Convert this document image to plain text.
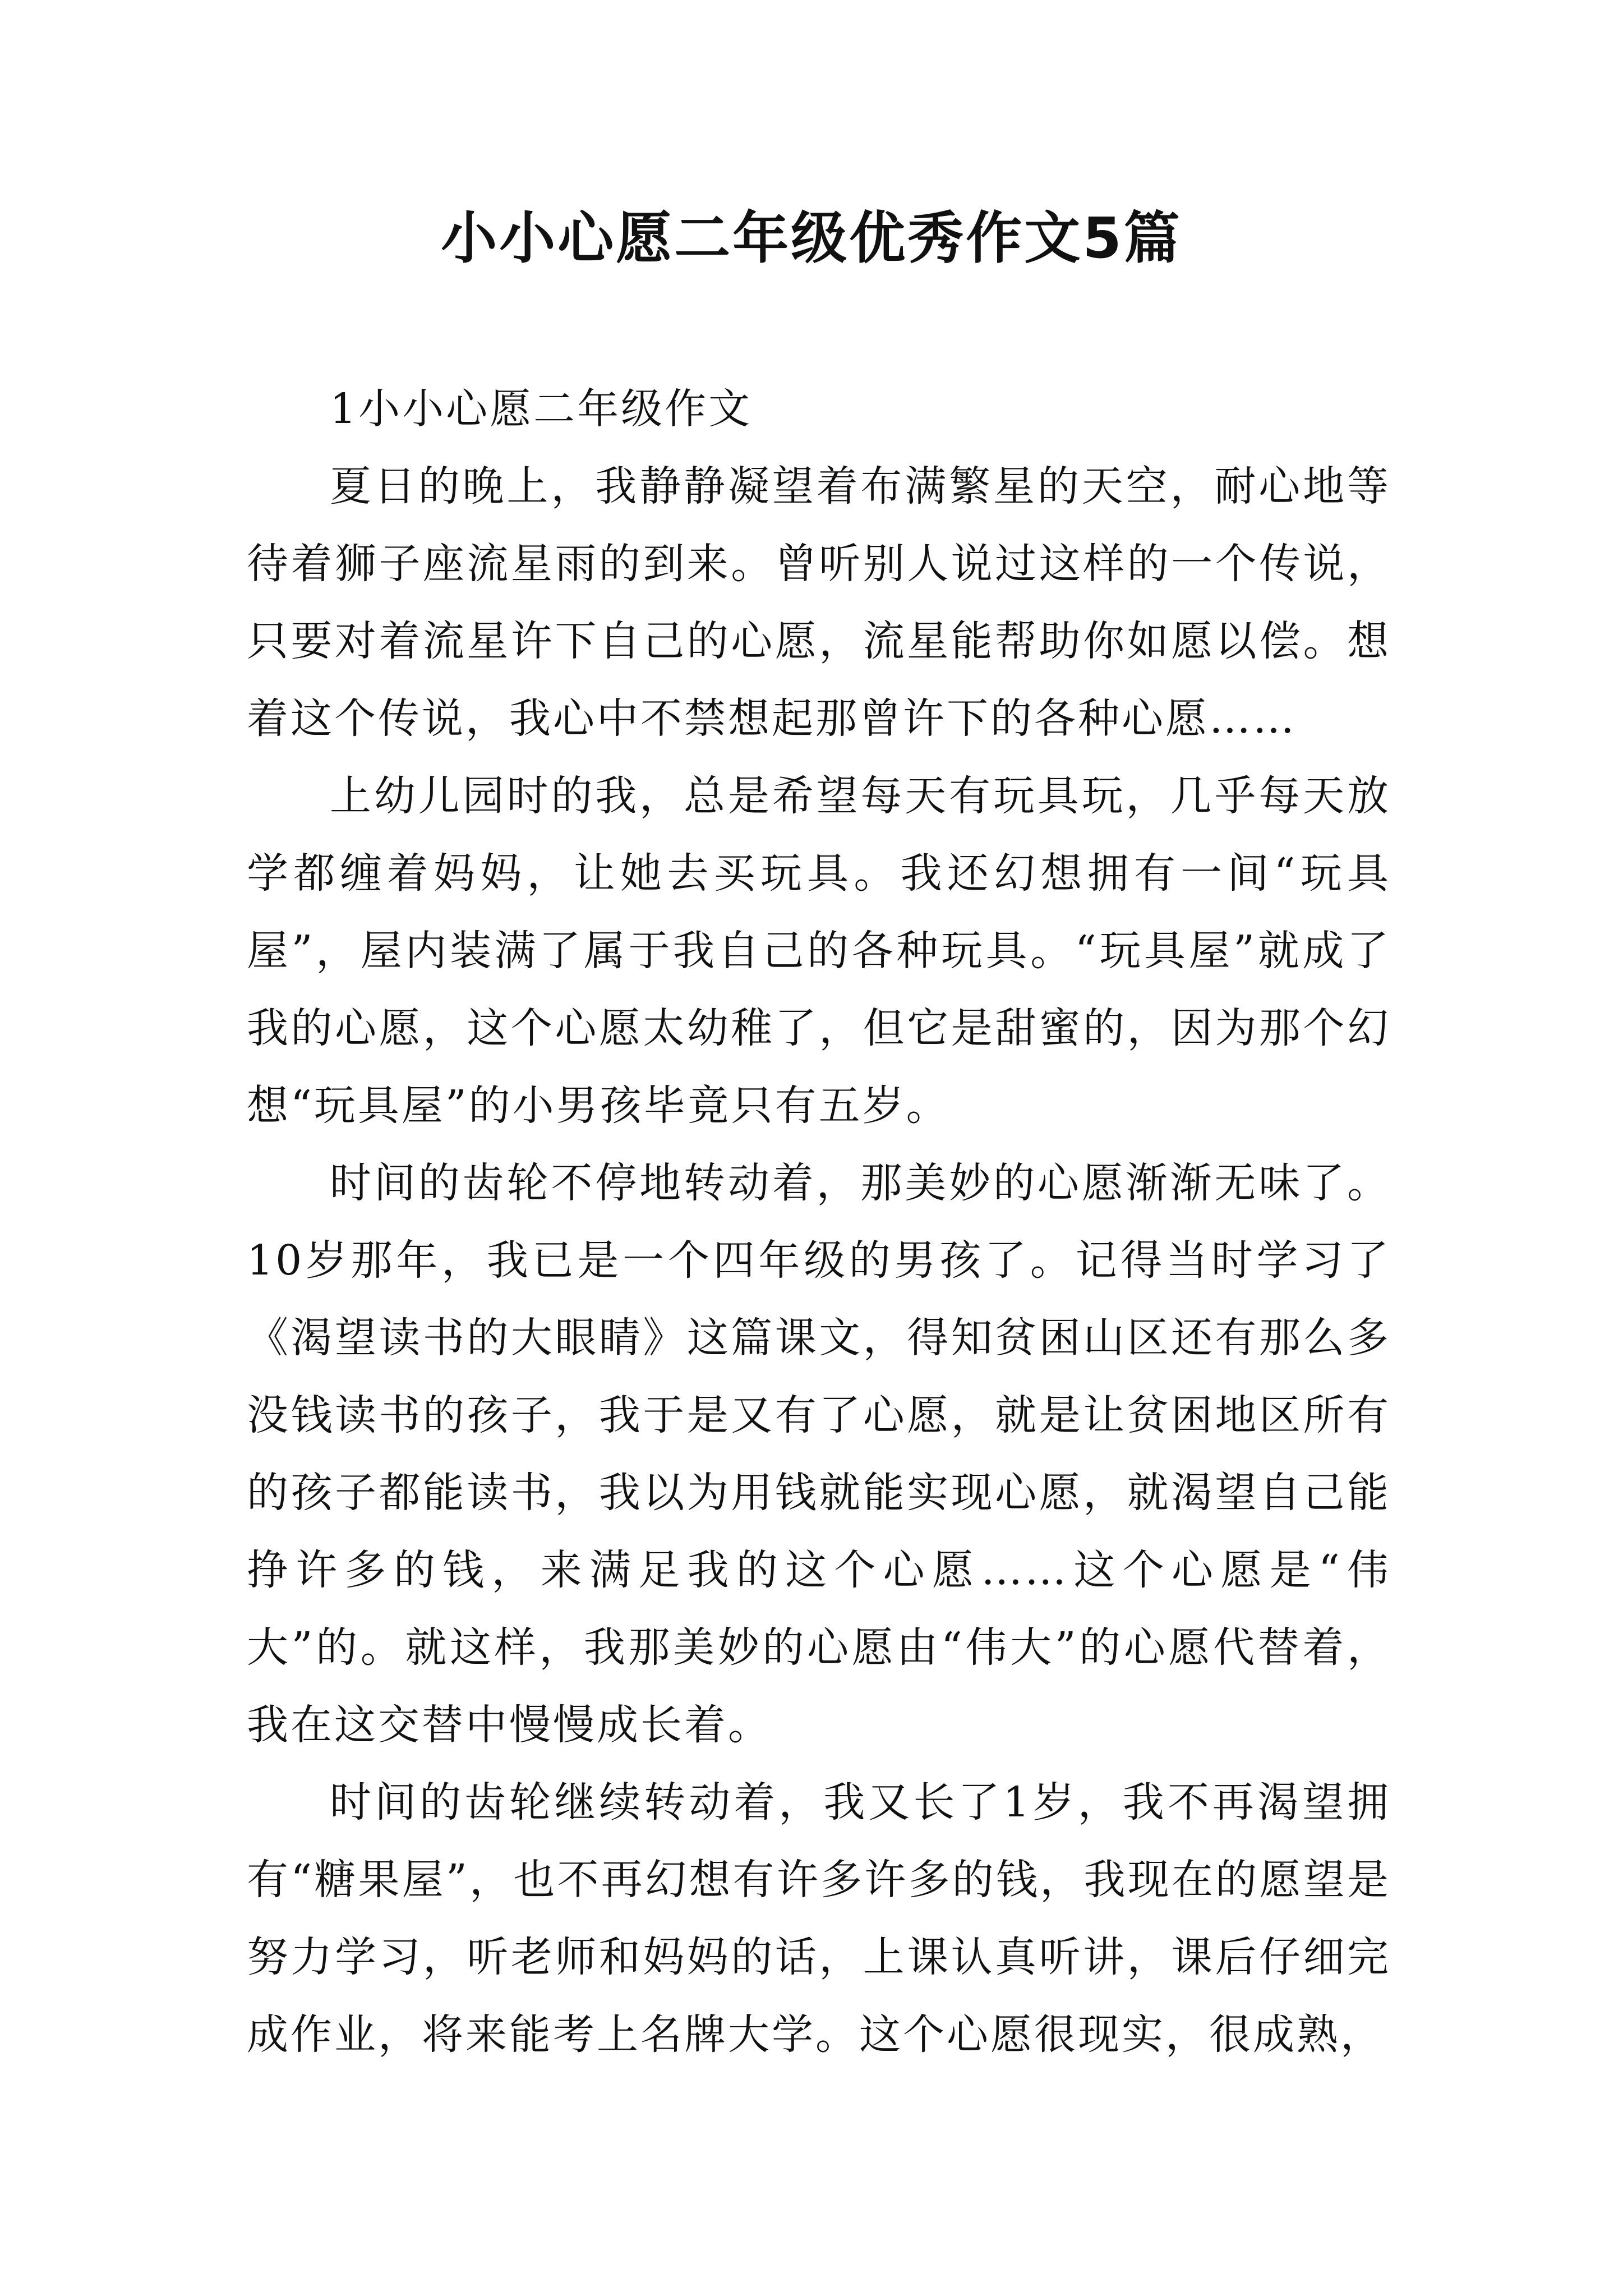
小小心愿二年级优秀作文5篇

1小小心愿二年级作文

夏日的晚上，我静静凝望着布满繁星的天空，耐心地等待着狮子座流星雨的到来。曾听别人说过这样的一个传说，只要对着流星许下自己的心愿，流星能帮助你如愿以偿。想着这个传说，我心中不禁想起那曾许下的各种心愿……

上幼儿园时的我，总是希望每天有玩具玩，几乎每天放学都缠着妈妈，让她去买玩具。我还幻想拥有一间“玩具屋”，屋内装满了属于我自己的各种玩具。“玩具屋”就成了我的心愿，这个心愿太幼稚了，但它是甜蜜的，因为那个幻想“玩具屋”的小男孩毕竟只有五岁。

时间的齿轮不停地转动着，那美妙的心愿渐渐无味了。10岁那年，我已是一个四年级的男孩了。记得当时学习了《渴望读书的大眼睛》这篇课文，得知贫困山区还有那么多没钱读书的孩子，我于是又有了心愿，就是让贫困地区所有的孩子都能读书，我以为用钱就能实现心愿，就渴望自己能挣许多的钱，来满足我的这个心愿……这个心愿是“伟大”的。就这样，我那美妙的心愿由“伟大”的心愿代替着，我在这交替中慢慢成长着。

时间的齿轮继续转动着，我又长了1岁，我不再渴望拥有“糖果屋”，也不再幻想有许多许多的钱，我现在的愿望是努力学习，听老师和妈妈的话，上课认真听讲，课后仔细完成作业，将来能考上名牌大学。这个心愿很现实，很成熟，
